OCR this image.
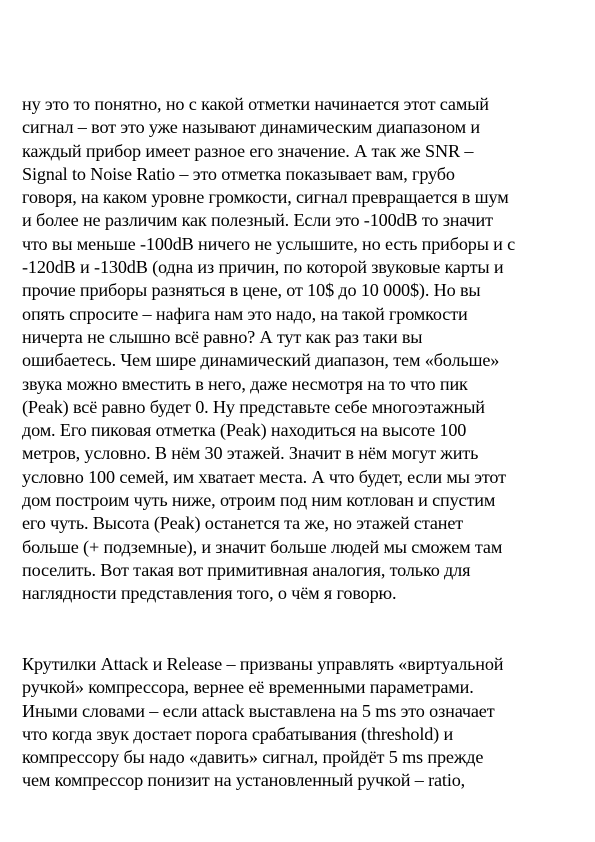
ну это то понятно, но с какой отметки начинается этот самый
сигнал – вот это уже называют динамическим диапазоном и
каждый прибор имеет разное его значение. А так же SNR –
Signal to Noise Ratio – это отметка показывает вам, грубо
говоря, на каком уровне громкости, сигнал превращается в шум
и более не различим как полезный. Если это -100dB то значит
что вы меньше -100dB ничего не услышите, но есть приборы и с
-120dB и -130dB (одна из причин, по которой звуковые карты и
прочие приборы разняться в цене, от 10$ до 10 000$). Но вы
опять спросите – нафига нам это надо, на такой громкости
ничерта не слышно всё равно? А тут как раз таки вы
ошибаетесь. Чем шире динамический диапазон, тем «больше»
звука можно вместить в него, даже несмотря на то что пик
(Peak) всё равно будет 0. Ну представьте себе многоэтажный
дом. Его пиковая отметка (Peak) находиться на высоте 100
метров, условно. В нём 30 этажей. Значит в нём могут жить
условно 100 семей, им хватает места. А что будет, если мы этот
дом построим чуть ниже, отроим под ним котлован и спустим
его чуть. Высота (Peak) останется та же, но этажей станет
больше (+ подземные), и значит больше людей мы сможем там
поселить. Вот такая вот примитивная аналогия, только для
наглядности представления того, о чём я говорю.

Крутилки Attack и Release – призваны управлять «виртуальной
ручкой» компрессора, вернее её временными параметрами.
Иными словами – если attack выставлена на 5 ms это означает
что когда звук достает порога срабатывания (threshold) и
компрессору бы надо «давить» сигнал, пройдёт 5 ms прежде
чем компрессор понизит на установленный ручкой – ratio,
